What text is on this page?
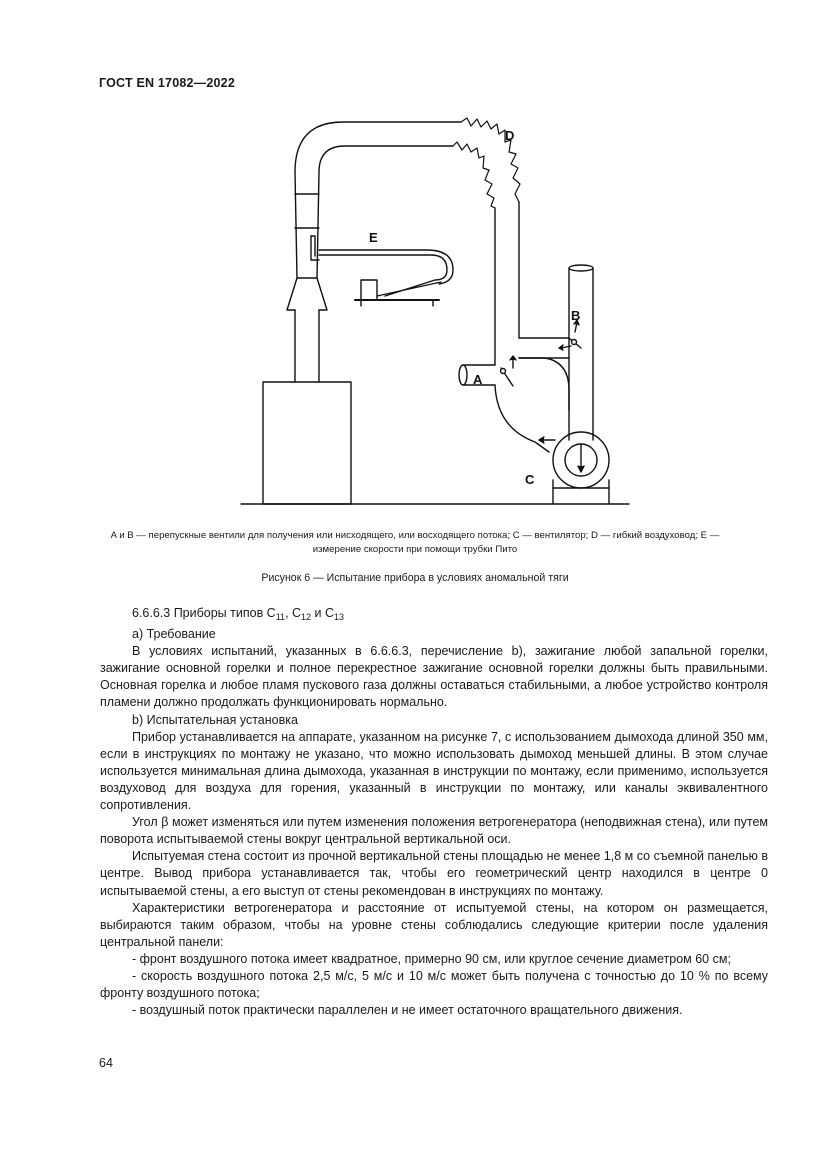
ГОСТ EN 17082—2022
D
E
B
A
C
A и B — перепускные вентили для получения или нисходящего, или восходящего потока; C — вентилятор; D — гибкий воздуховод; E — измерение скорости при помощи трубки Пито
Рисунок 6 — Испытание прибора в условиях аномальной тяги

6.6.6.3 Приборы типов $C_{11}$, $C_{12}$ и $C_{13}$

а) Требование

В условиях испытаний, указанных в 6.6.6.3, перечисление b), зажигание любой запальной горелки, зажигание основной горелки и полное перекрестное зажигание основной горелки должны быть правильными. Основная горелка и любое пламя пускового газа должны оставаться стабильными, а любое устройство контроля пламени должно продолжать функционировать нормально.

b) Испытательная установка

Прибор устанавливается на аппарате, указанном на рисунке 7, с использованием дымохода длиной 350 мм, если в инструкциях по монтажу не указано, что можно использовать дымоход меньшей длины. В этом случае используется минимальная длина дымохода, указанная в инструкции по монтажу, если применимо, используется воздуховод для воздуха для горения, указанный в инструкции по монтажу, или каналы эквивалентного сопротивления.

Угол β может изменяться или путем изменения положения ветрогенератора (неподвижная стена), или путем поворота испытываемой стены вокруг центральной вертикальной оси.

Испытуемая стена состоит из прочной вертикальной стены площадью не менее 1,8 м со съемной панелью в центре. Вывод прибора устанавливается так, чтобы его геометрический центр находился в центре 0 испытываемой стены, а его выступ от стены рекомендован в инструкциях по монтажу.

Характеристики ветрогенератора и расстояние от испытуемой стены, на котором он размещается, выбираются таким образом, чтобы на уровне стены соблюдались следующие критерии после удаления центральной панели:

- фронт воздушного потока имеет квадратное, примерно 90 см, или круглое сечение диаметром 60 см;

- скорость воздушного потока 2,5 м/с, 5 м/с и 10 м/с может быть получена с точностью до 10 % по всему фронту воздушного потока;

- воздушный поток практически параллелен и не имеет остаточного вращательного движения.

64
